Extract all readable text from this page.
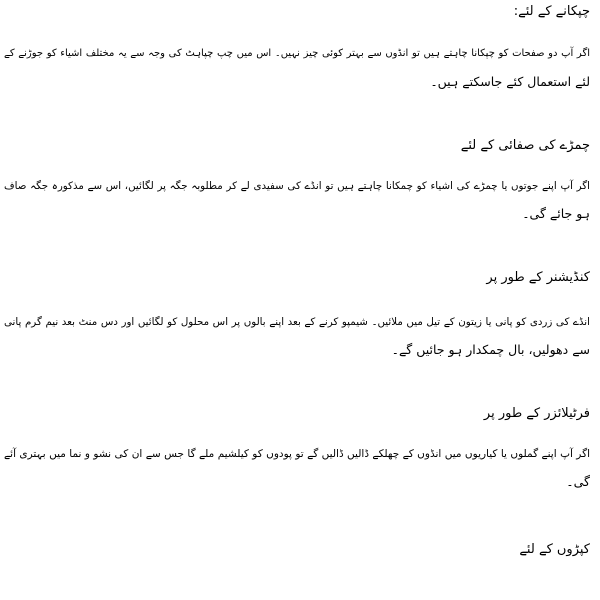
چپکانے کے لئے:
اگر آپ دو صفحات کو چپکانا چاہتے ہیں تو انڈوں سے بہتر کوئی چیز نہیں۔ اس میں چپ چپاہٹ کی وجہ سے یہ مختلف اشیاء کو جوڑنے کے
لئے استعمال کئے جاسکتے ہیں۔
چمڑے کی صفائی کے لئے
اگر آپ اپنے جوتوں یا چمڑے کی اشیاء کو چمکانا چاہتے ہیں تو انڈے کی سفیدی لے کر مطلوبہ جگہ پر لگائیں، اس سے مذکورہ جگہ صاف
ہو جائے گی۔
کنڈیشنر کے طور پر
انڈے کی زردی کو پانی یا زیتون کے تیل میں ملائیں۔ شیمپو کرنے کے بعد اپنے بالوں پر اس محلول کو لگائیں اور دس منٹ بعد نیم گرم پانی
سے دھولیں، بال چمکدار ہو جائیں گے۔
فرٹیلائزر کے طور پر
اگر آپ اپنے گملوں یا کیاریوں میں انڈوں کے چھلکے ڈالیں ڈالیں گے تو پودوں کو کیلشیم ملے گا جس سے ان کی نشو و نما میں بہتری آئے
گی۔
کپڑوں کے لئے
